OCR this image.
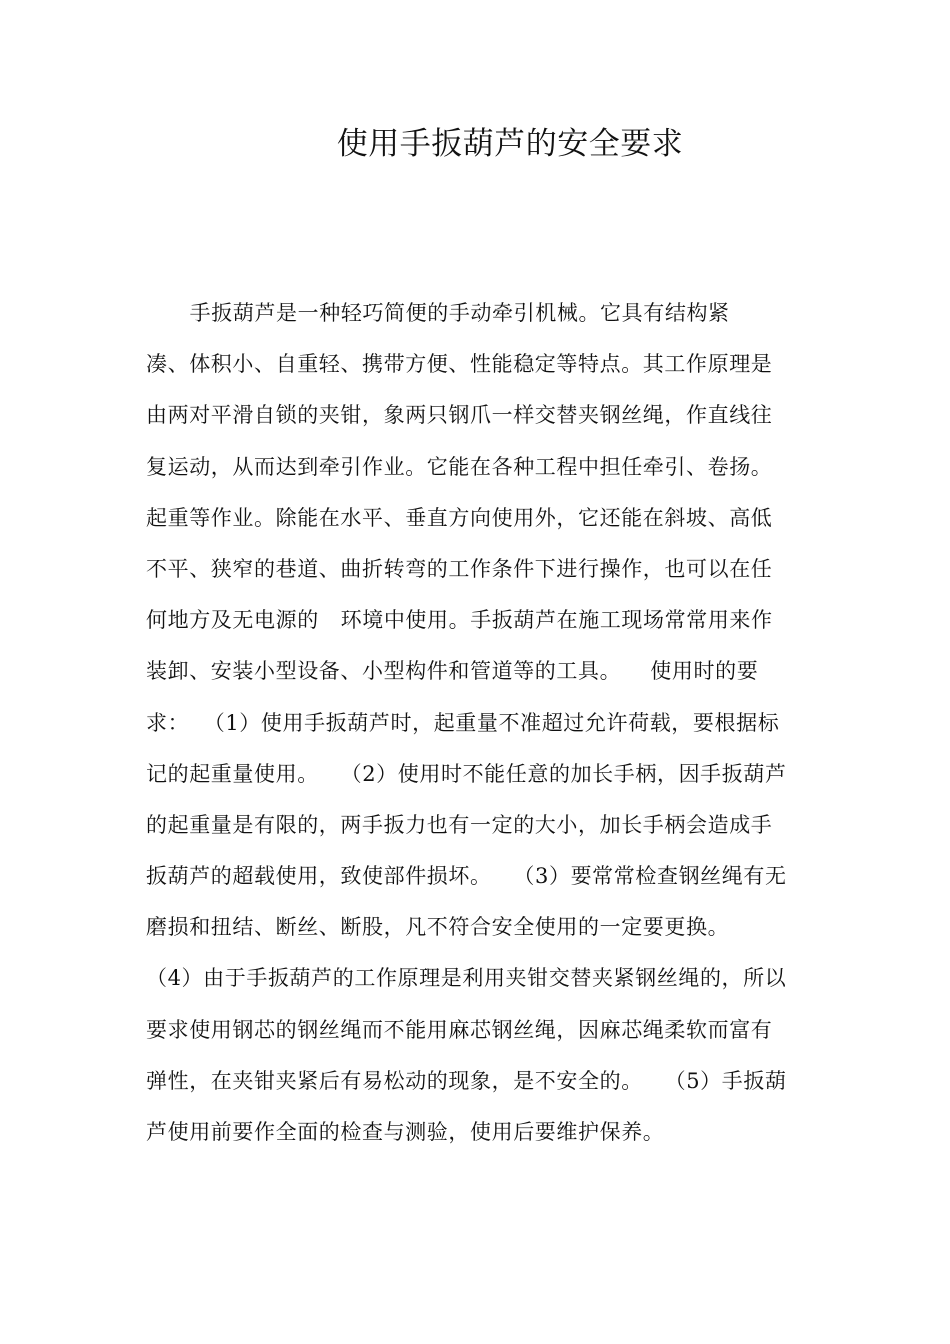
使用手扳葫芦的安全要求
手扳葫芦是一种轻巧简便的手动牵引机械。它具有结构紧
凑、体积小、自重轻、携带方便、性能稳定等特点。其工作原理是
由两对平滑自锁的夹钳，象两只钢爪一样交替夹钢丝绳，作直线往
复运动，从而达到牵引作业。它能在各种工程中担任牵引、卷扬。
起重等作业。除能在水平、垂直方向使用外，它还能在斜坡、高低
不平、狭窄的巷道、曲折转弯的工作条件下进行操作，也可以在任
何地方及无电源的   环境中使用。手扳葫芦在施工现场常常用来作
装卸、安装小型设备、小型构件和管道等的工具。    使用时的要
求：  （1）使用手扳葫芦时，起重量不准超过允许荷载，要根据标
记的起重量使用。   （2）使用时不能任意的加长手柄，因手扳葫芦
的起重量是有限的，两手扳力也有一定的大小，加长手柄会造成手
扳葫芦的超载使用，致使部件损坏。   （3）要常常检查钢丝绳有无
磨损和扭结、断丝、断股，凡不符合安全使用的一定要更换。
（4）由于手扳葫芦的工作原理是利用夹钳交替夹紧钢丝绳的，所以
要求使用钢芯的钢丝绳而不能用麻芯钢丝绳，因麻芯绳柔软而富有
弹性，在夹钳夹紧后有易松动的现象，是不安全的。   （5）手扳葫
芦使用前要作全面的检查与测验，使用后要维护保养。
